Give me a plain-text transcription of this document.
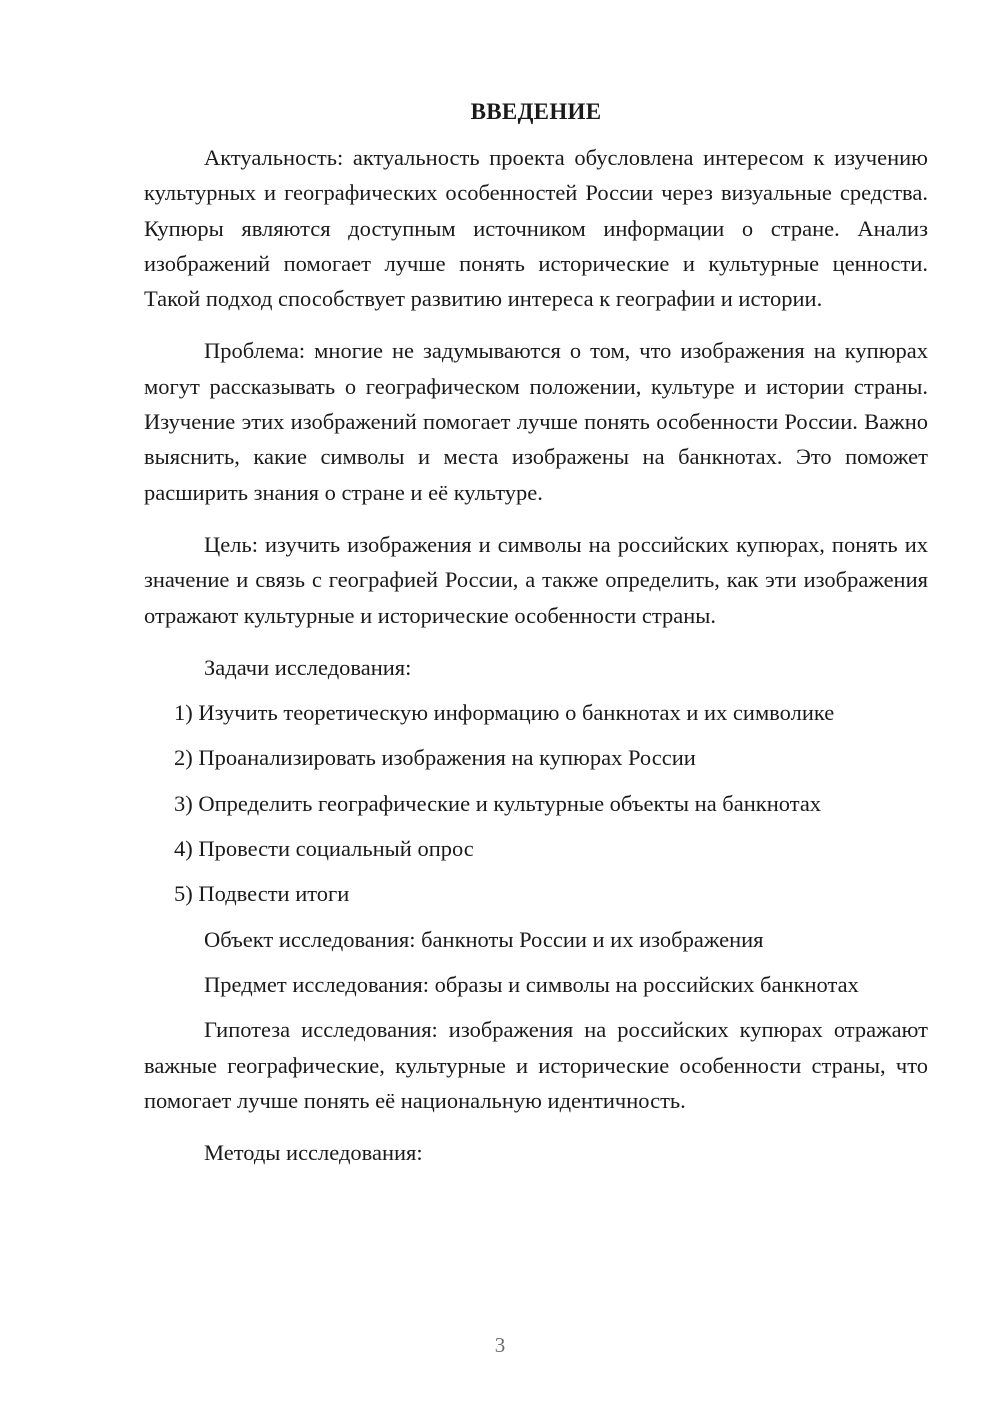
ВВЕДЕНИЕ

Актуальность: актуальность проекта обусловлена интересом к изучению культурных и географических особенностей России через визуальные средства. Купюры являются доступным источником информации о стране. Анализ изображений помогает лучше понять исторические и культурные ценности. Такой подход способствует развитию интереса к географии и истории.

Проблема: многие не задумываются о том, что изображения на купюрах могут рассказывать о географическом положении, культуре и истории страны. Изучение этих изображений помогает лучше понять особенности России. Важно выяснить, какие символы и места изображены на банкнотах. Это поможет расширить знания о стране и её культуре.

Цель: изучить изображения и символы на российских купюрах, понять их значение и связь с географией России, а также определить, как эти изображения отражают культурные и исторические особенности страны.

Задачи исследования:

1) Изучить теоретическую информацию о банкнотах и их символике
2) Проанализировать изображения на купюрах России
3) Определить географические и культурные объекты на банкнотах
4) Провести социальный опрос
5) Подвести итоги

Объект исследования: банкноты России и их изображения

Предмет исследования: образы и символы на российских банкнотах

Гипотеза исследования: изображения на российских купюрах отражают важные географические, культурные и исторические особенности страны, что помогает лучше понять её национальную идентичность.

Методы исследования:

3
